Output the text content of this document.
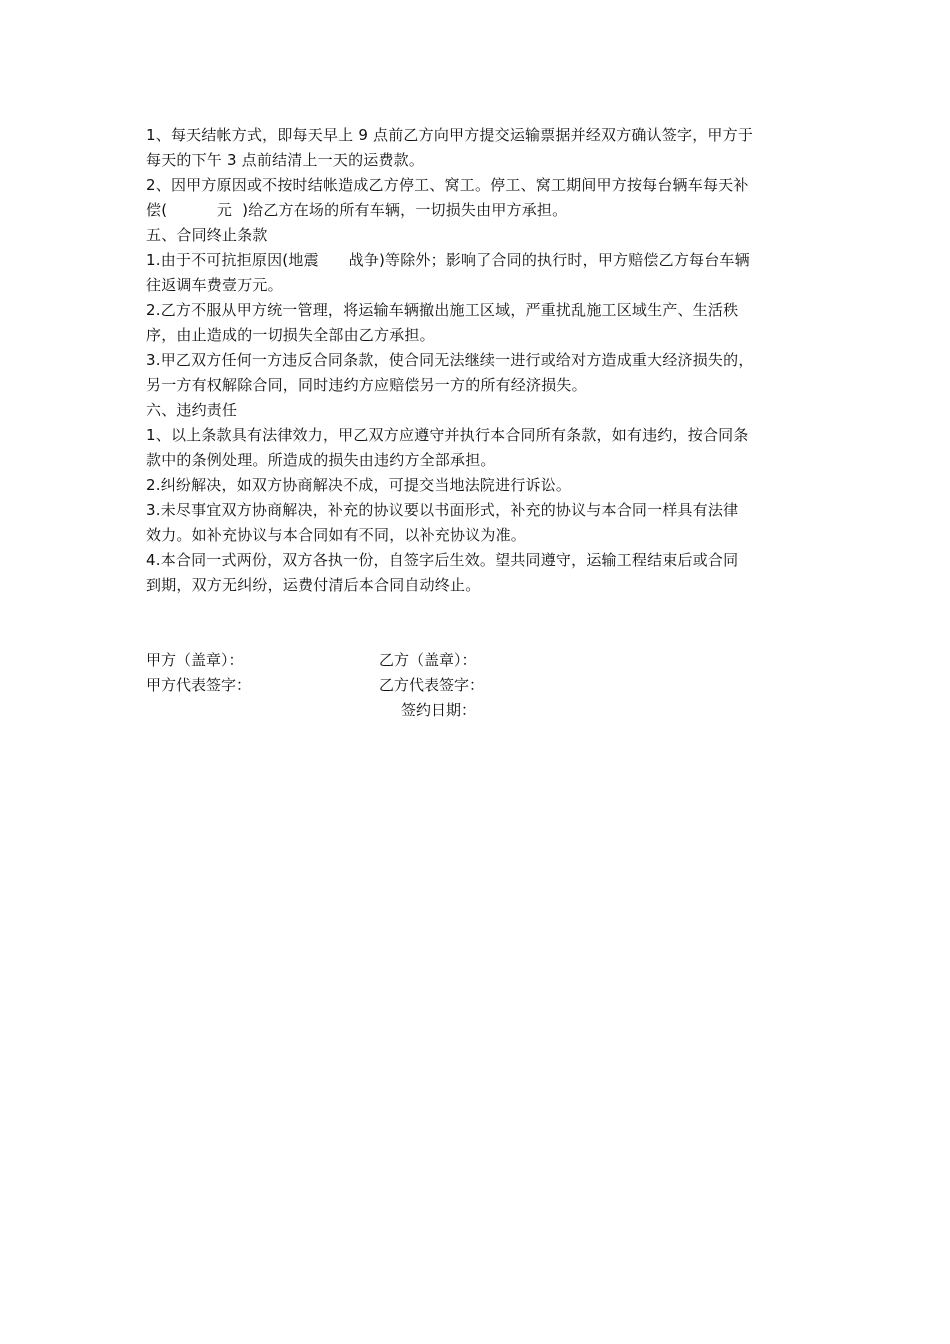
1、每天结帐方式，即每天早上 9 点前乙方向甲方提交运输票据并经双方确认签字，甲方于
每天的下午 3 点前结清上一天的运费款。
2、因甲方原因或不按时结帐造成乙方停工、窝工。停工、窝工期间甲方按每台辆车每天补
偿(          元  )给乙方在场的所有车辆，一切损失由甲方承担。
五、合同终止条款
1.由于不可抗拒原因(地震      战争)等除外；影响了合同的执行时，甲方赔偿乙方每台车辆
往返调车费壹万元。
2.乙方不服从甲方统一管理，将运输车辆撤出施工区域，严重扰乱施工区域生产、生活秩
序，由止造成的一切损失全部由乙方承担。
3.甲乙双方任何一方违反合同条款，使合同无法继续一进行或给对方造成重大经济损失的，
另一方有权解除合同，同时违约方应赔偿另一方的所有经济损失。
六、违约责任
1、以上条款具有法律效力，甲乙双方应遵守并执行本合同所有条款，如有违约，按合同条
款中的条例处理。所造成的损失由违约方全部承担。
2.纠纷解决，如双方协商解决不成，可提交当地法院进行诉讼。
3.未尽事宜双方协商解决，补充的协议要以书面形式，补充的协议与本合同一样具有法律
效力。如补充协议与本合同如有不同，以补充协议为准。
4.本合同一式两份，双方各执一份，自签字后生效。望共同遵守，运输工程结束后或合同
到期，双方无纠纷，运费付清后本合同自动终止。

甲方（盖章）：

	乙方（盖章）：

甲方代表签字：

	乙方代表签字：

签约日期：
